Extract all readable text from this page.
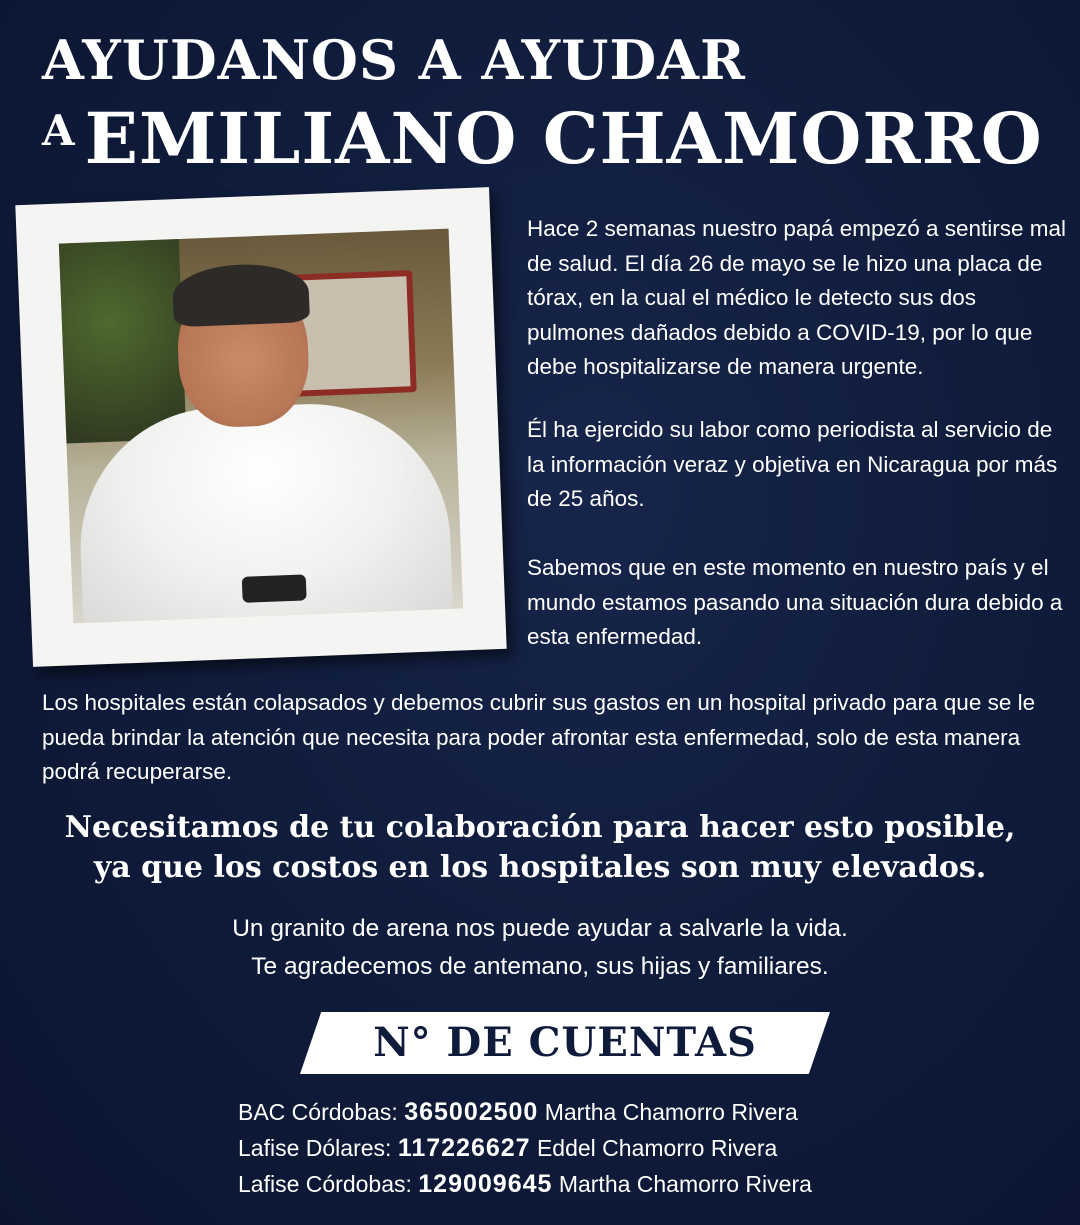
AYUDANOS A AYUDAR
A EMILIANO CHAMORRO
Hace 2 semanas nuestro papá empezó a sentirse mal de salud. El día 26 de mayo se le hizo una placa de tórax, en la cual el médico le detecto sus dos pulmones dañados debido a COVID-19, por lo que debe hospitalizarse de manera urgente.
Él ha ejercido su labor como periodista al servicio de la información veraz y objetiva en Nicaragua por más de 25 años.
Sabemos que en este momento en nuestro país y el mundo estamos pasando una situación dura debido a esta enfermedad.
Los hospitales están colapsados y debemos cubrir sus gastos en un hospital privado para que se le pueda brindar la atención que necesita para poder afrontar esta enfermedad, solo de esta manera podrá recuperarse.
Necesitamos de tu colaboración para hacer esto posible,
ya que los costos en los hospitales son muy elevados.
Un granito de arena nos puede ayudar a salvarle la vida.
Te agradecemos de antemano, sus hijas y familiares.
N° DE CUENTAS
BAC Córdobas: 365002500 Martha Chamorro Rivera
Lafise Dólares: 117226627 Eddel Chamorro Rivera
Lafise Córdobas: 129009645 Martha Chamorro Rivera
